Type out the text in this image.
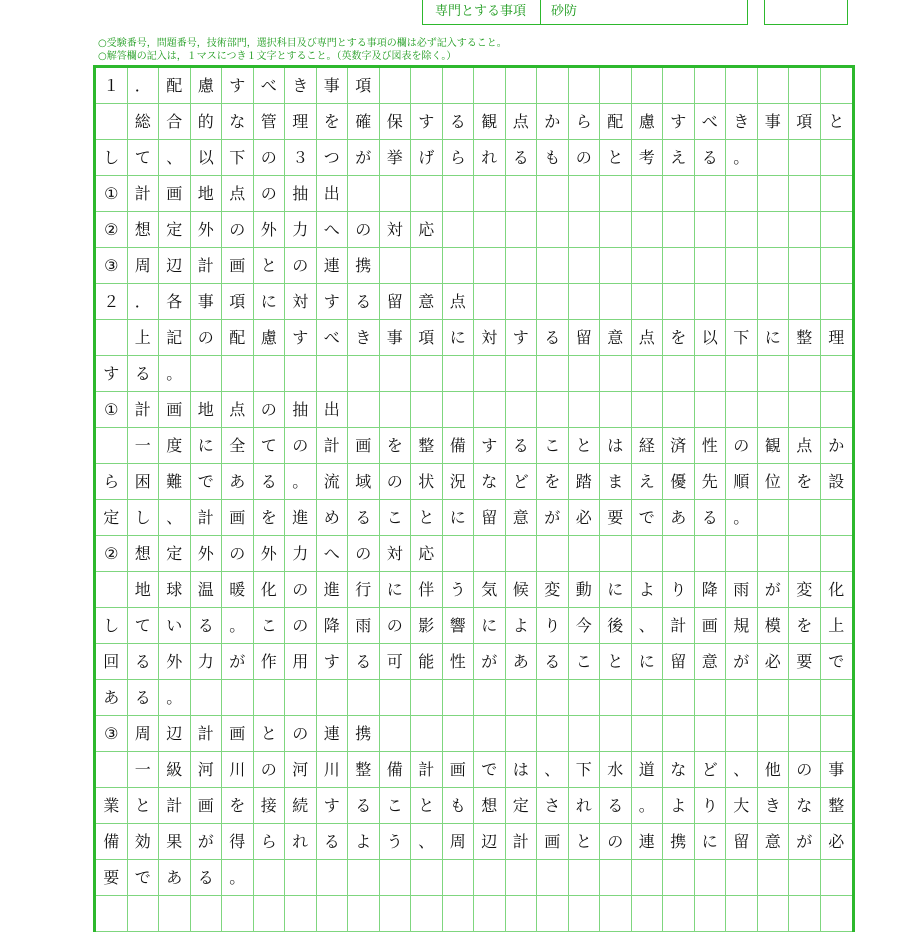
専門とする事項 砂防
○受験番号，問題番号，技術部門，選択科目及び専門とする事項の欄は必ず記入すること。
○解答欄の記入は，１マスにつき１文字とすること。（英数字及び図表を除く。）
１ ． 配 慮 す べ き 事 項
総 合 的 な 管 理 を 確 保 す る 観 点 か ら 配 慮 す べ き 事 項 と
し て 、 以 下 の ３ つ が 挙 げ ら れ る も の と 考 え る 。
①	計 画 地 点 の 抽 出
②	想 定 外 の 外 力 へ の 対 応
③	周 辺 計 画 と の 連 携
２ ． 各 事 項 に 対 す る 留 意 点
上 記 の 配 慮 す べ き 事 項 に 対 す る 留 意 点 を 以 下 に 整 理
す る 。
①	計 画 地 点 の 抽 出
一 度 に 全 て の 計 画 を 整 備 す る こ と は 経 済 性 の 観 点 か
ら 困 難 で あ る 。 流 域 の 状 況 な ど を 踏 ま え 優 先 順 位 を 設
定 し 、 計 画 を 進 め る こ と に 留 意 が 必 要 で あ る 。
②	想 定 外 の 外 力 へ の 対 応
地 球 温 暖 化 の 進 行 に 伴 う 気 候 変 動 に よ り 降 雨 が 変 化
し て い る 。 こ の 降 雨 の 影 響 に よ り 今 後 、 計 画 規 模 を 上
回 る 外 力 が 作 用 す る 可 能 性 が あ る こ と に 留 意 が 必 要 で
あ る 。
③	周 辺 計 画 と の 連 携
一 級 河 川 の 河 川 整 備 計 画 で は 、 下 水 道 な ど 、 他 の 事
業 と 計 画 を 接 続 す る こ と も 想 定 さ れ る 。 よ り 大 き な 整
備 効 果 が 得 ら れ る よ う 、 周 辺 計 画 と の 連 携 に 留 意 が 必
要 で あ る 。
